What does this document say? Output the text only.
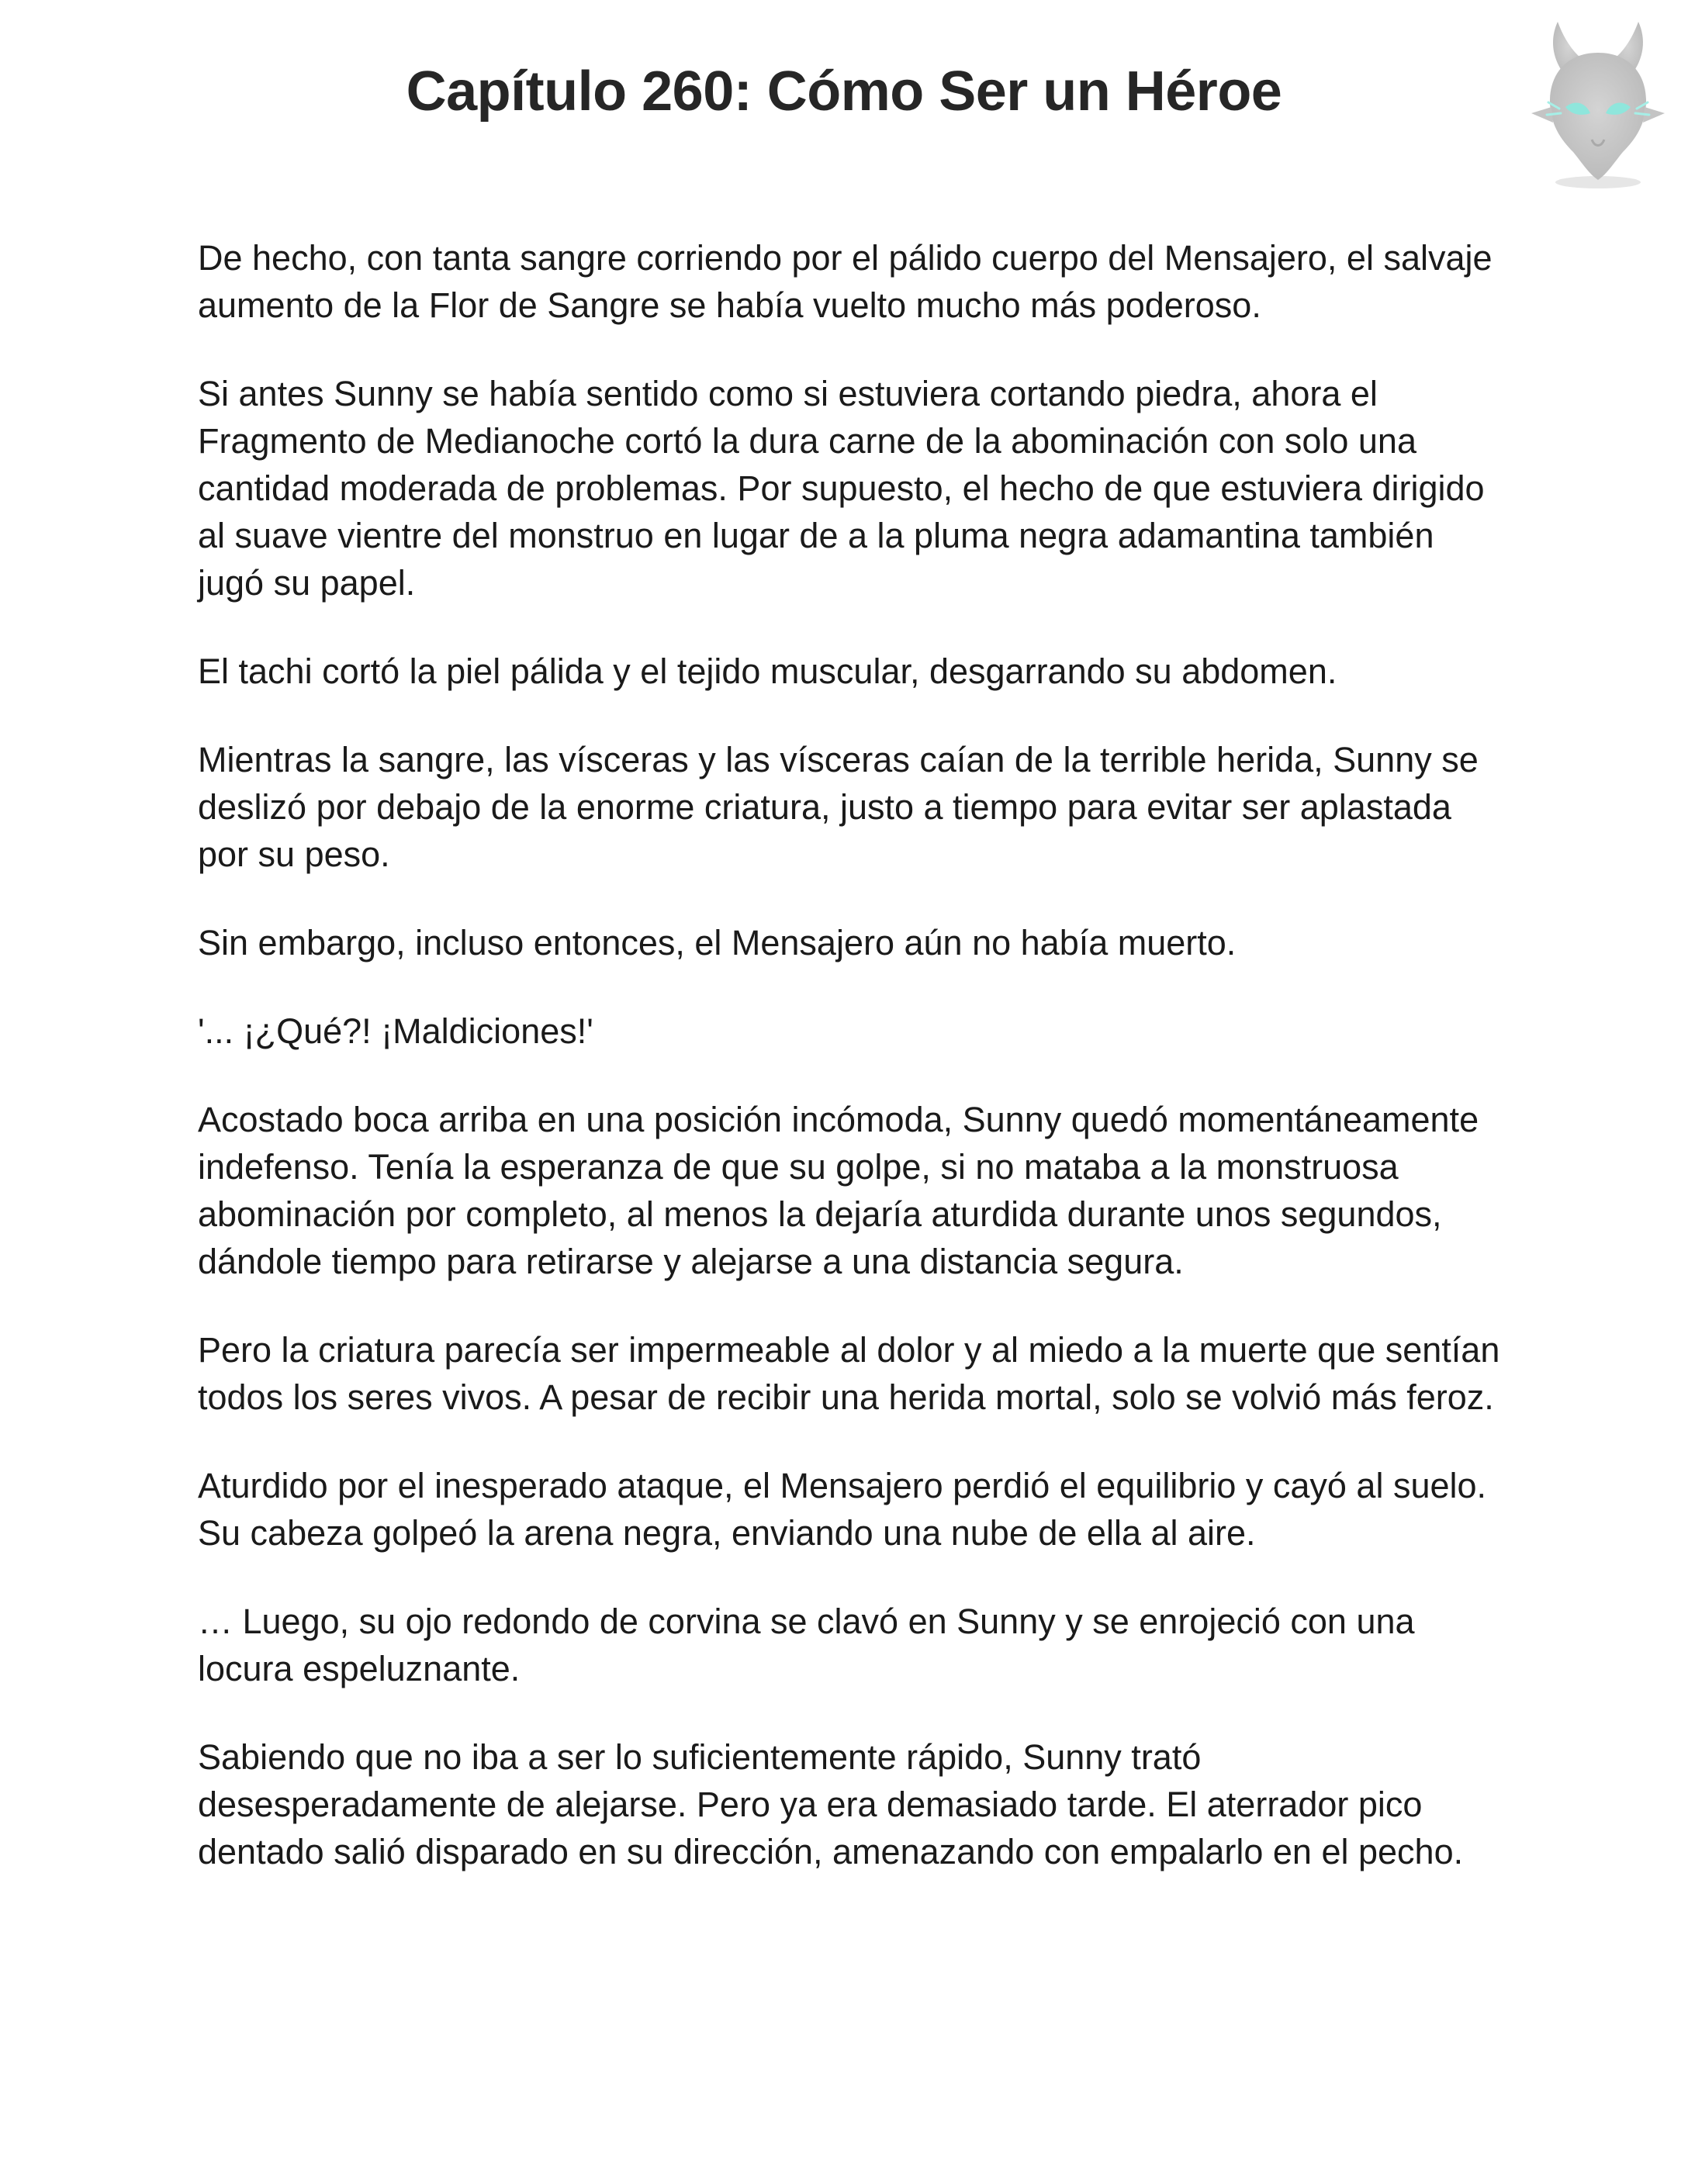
Capítulo 260: Cómo Ser un Héroe

De hecho, con tanta sangre corriendo por el pálido cuerpo del Mensajero, el salvaje aumento de la Flor de Sangre se había vuelto mucho más poderoso.

Si antes Sunny se había sentido como si estuviera cortando piedra, ahora el Fragmento de Medianoche cortó la dura carne de la abominación con solo una cantidad moderada de problemas. Por supuesto, el hecho de que estuviera dirigido al suave vientre del monstruo en lugar de a la pluma negra adamantina también jugó su papel.

El tachi cortó la piel pálida y el tejido muscular, desgarrando su abdomen.

Mientras la sangre, las vísceras y las vísceras caían de la terrible herida, Sunny se deslizó por debajo de la enorme criatura, justo a tiempo para evitar ser aplastada por su peso.

Sin embargo, incluso entonces, el Mensajero aún no había muerto.

'... ¡¿Qué?! ¡Maldiciones!'

Acostado boca arriba en una posición incómoda, Sunny quedó momentáneamente indefenso. Tenía la esperanza de que su golpe, si no mataba a la monstruosa abominación por completo, al menos la dejaría aturdida durante unos segundos, dándole tiempo para retirarse y alejarse a una distancia segura.

Pero la criatura parecía ser impermeable al dolor y al miedo a la muerte que sentían todos los seres vivos. A pesar de recibir una herida mortal, solo se volvió más feroz.

Aturdido por el inesperado ataque, el Mensajero perdió el equilibrio y cayó al suelo. Su cabeza golpeó la arena negra, enviando una nube de ella al aire.

… Luego, su ojo redondo de corvina se clavó en Sunny y se enrojeció con una locura espeluznante.

Sabiendo que no iba a ser lo suficientemente rápido, Sunny trató desesperadamente de alejarse. Pero ya era demasiado tarde. El aterrador pico dentado salió disparado en su dirección, amenazando con empalarlo en el pecho.
